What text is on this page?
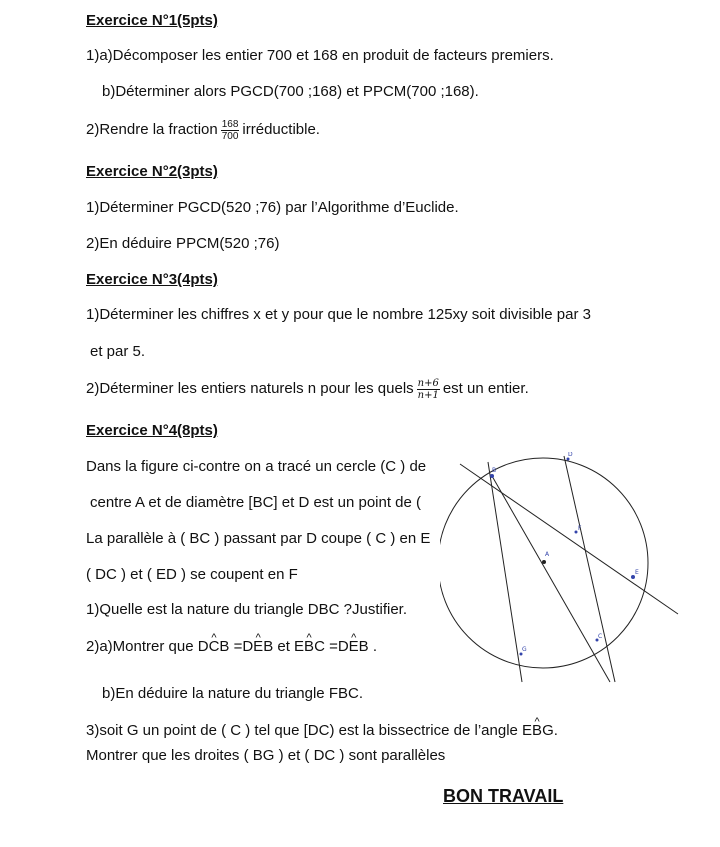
Exercice N°1(5pts)
1)a)Décomposer les entier 700 et 168 en produit de facteurs premiers.
b)Déterminer alors PGCD(700 ;168) et PPCM(700 ;168).
2)Rendre la fraction $\frac{168}{700}$ irréductible.
Exercice N°2(3pts)
1)Déterminer PGCD(520 ;76) par l’Algorithme d’Euclide.
2)En déduire PPCM(520 ;76)
Exercice N°3(4pts)
1)Déterminer les chiffres x et y pour que le nombre 125xy soit divisible par 3
et par 5.
2)Déterminer les entiers naturels n pour les quels $\frac{n+6}{n+1}$ est un entier.
Exercice N°4(8pts)
Dans la figure ci-contre on a tracé un cercle (C ) de
centre A et de diamètre [BC] et D est un point de (
La parallèle à ( BC ) passant par D coupe ( C ) en E
( DC ) et ( ED ) se coupent en F
1)Quelle est la nature du triangle DBC ?Justifier.
2)a)Montrer que D^ CB =D^ EB et E^ BC =D^ EB .
b)En déduire la nature du triangle FBC.
3)soit G un point de ( C ) tel que [DC) est la bissectrice de l’angle E^ BG.
Montrer que les droites ( BG ) et ( DC ) sont parallèles
B
D
F
A
E
C
G
BON TRAVAIL
